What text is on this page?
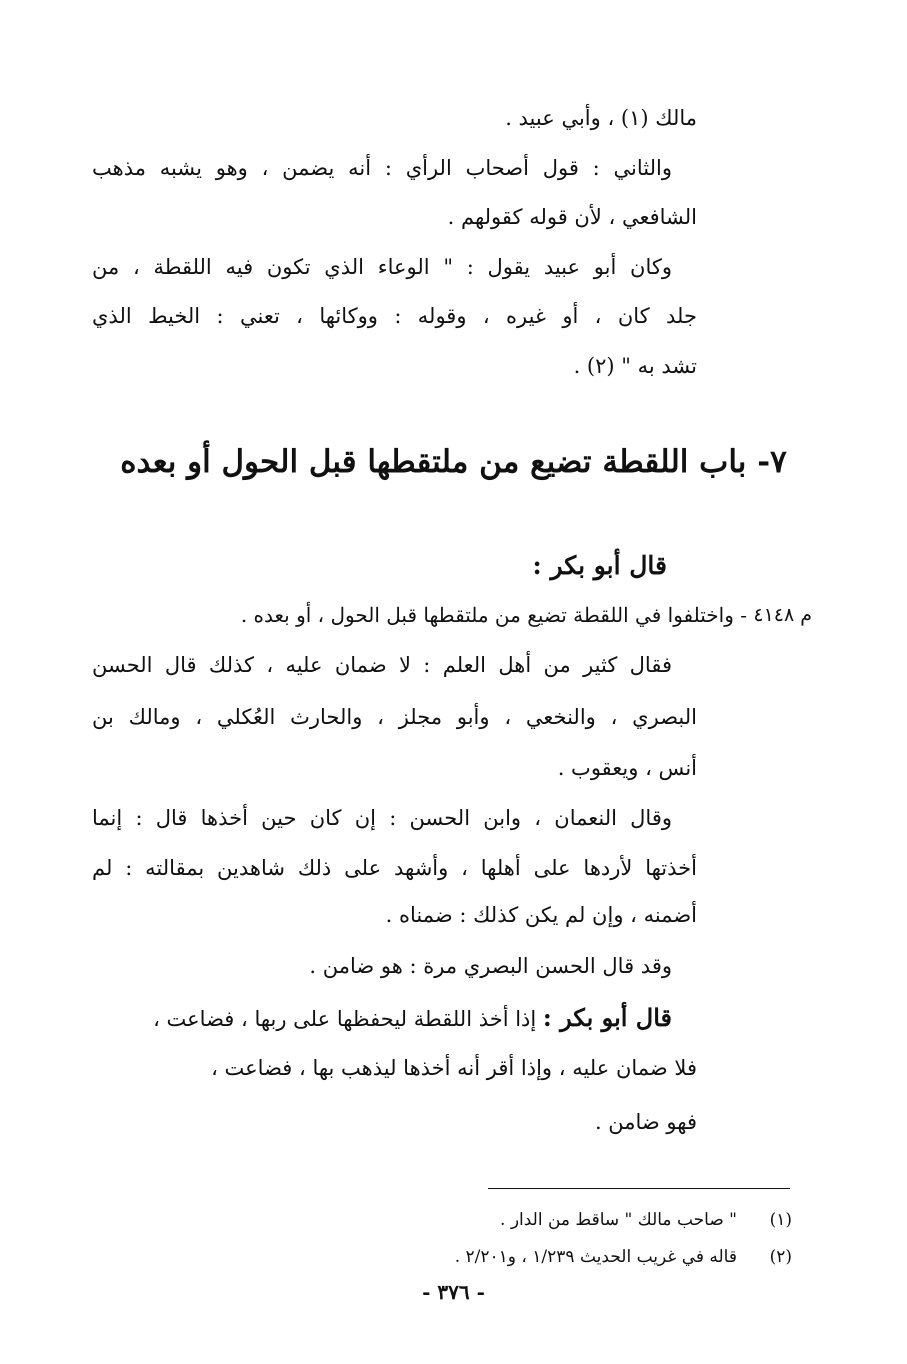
مالك (١) ، وأبي عبيد .
والثاني : قول أصحاب الرأي : أنه يضمن ، وهو يشبه مذهب
الشافعي ، لأن قوله كقولهم .
وكان أبو عبيد يقول : " الوعاء الذي تكون فيه اللقطة ، من
جلد كان ، أو غيره ، وقوله : ووكائها ، تعني : الخيط الذي
تشد به " (٢) .
٧- باب اللقطة تضيع من ملتقطها قبل الحول أو بعده
قال أبو بكر :
م ٤١٤٨
- واختلفوا في اللقطة تضيع من ملتقطها قبل الحول ، أو بعده .
فقال كثير من أهل العلم : لا ضمان عليه ، كذلك قال الحسن
البصري ، والنخعي ، وأبو مجلز ، والحارث العُكلي ، ومالك بن
أنس ، ويعقوب .
وقال النعمان ، وابن الحسن : إن كان حين أخذها قال : إنما
أخذتها لأردها على أهلها ، وأشهد على ذلك شاهدين بمقالته : لم
أضمنه ، وإن لم يكن كذلك : ضمناه .
وقد قال الحسن البصري مرة : هو ضامن .
قال أبو بكر : إذا أخذ اللقطة ليحفظها على ربها ، فضاعت ،
فلا ضمان عليه ، وإذا أقر أنه أخذها ليذهب بها ، فضاعت ،
فهو ضامن .
(١)
" صاحب مالك " ساقط من الدار .
(٢)
قاله في غريب الحديث ١/٢٣٩ ، و٢/٢٠١ .
- ٣٧٦ -
